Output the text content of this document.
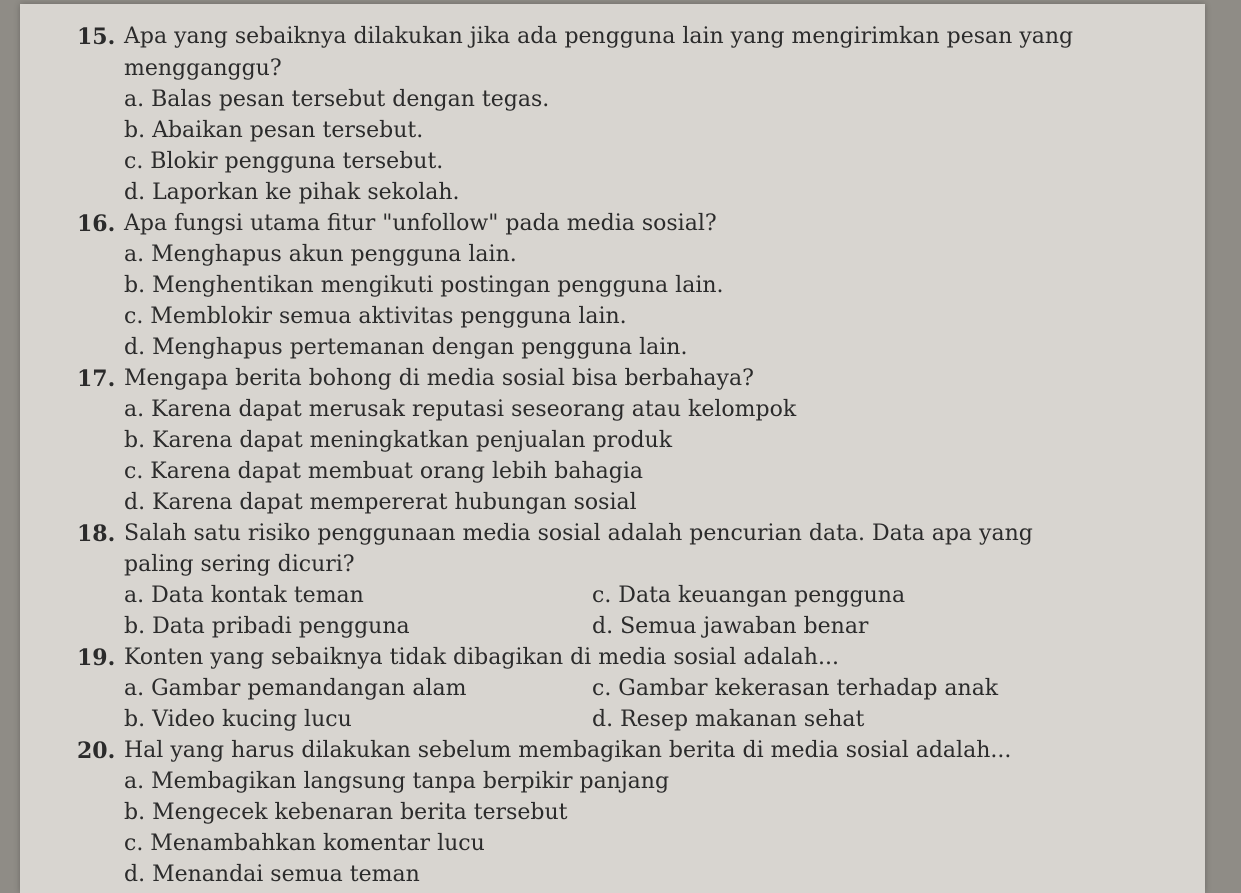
15. Apa yang sebaiknya dilakukan jika ada pengguna lain yang mengirimkan pesan yang
mengganggu?
a. Balas pesan tersebut dengan tegas.
b. Abaikan pesan tersebut.
c. Blokir pengguna tersebut.
d. Laporkan ke pihak sekolah.
16. Apa fungsi utama fitur "unfollow" pada media sosial?
a. Menghapus akun pengguna lain.
b. Menghentikan mengikuti postingan pengguna lain.
c. Memblokir semua aktivitas pengguna lain.
d. Menghapus pertemanan dengan pengguna lain.
17. Mengapa berita bohong di media sosial bisa berbahaya?
a. Karena dapat merusak reputasi seseorang atau kelompok
b. Karena dapat meningkatkan penjualan produk
c. Karena dapat membuat orang lebih bahagia
d. Karena dapat mempererat hubungan sosial
18. Salah satu risiko penggunaan media sosial adalah pencurian data. Data apa yang
paling sering dicuri?
a. Data kontak teman	c. Data keuangan pengguna
b. Data pribadi pengguna	d. Semua jawaban benar
19. Konten yang sebaiknya tidak dibagikan di media sosial adalah...
a. Gambar pemandangan alam	c. Gambar kekerasan terhadap anak
b. Video kucing lucu	d. Resep makanan sehat
20. Hal yang harus dilakukan sebelum membagikan berita di media sosial adalah...
a. Membagikan langsung tanpa berpikir panjang
b. Mengecek kebenaran berita tersebut
c. Menambahkan komentar lucu
d. Menandai semua teman
